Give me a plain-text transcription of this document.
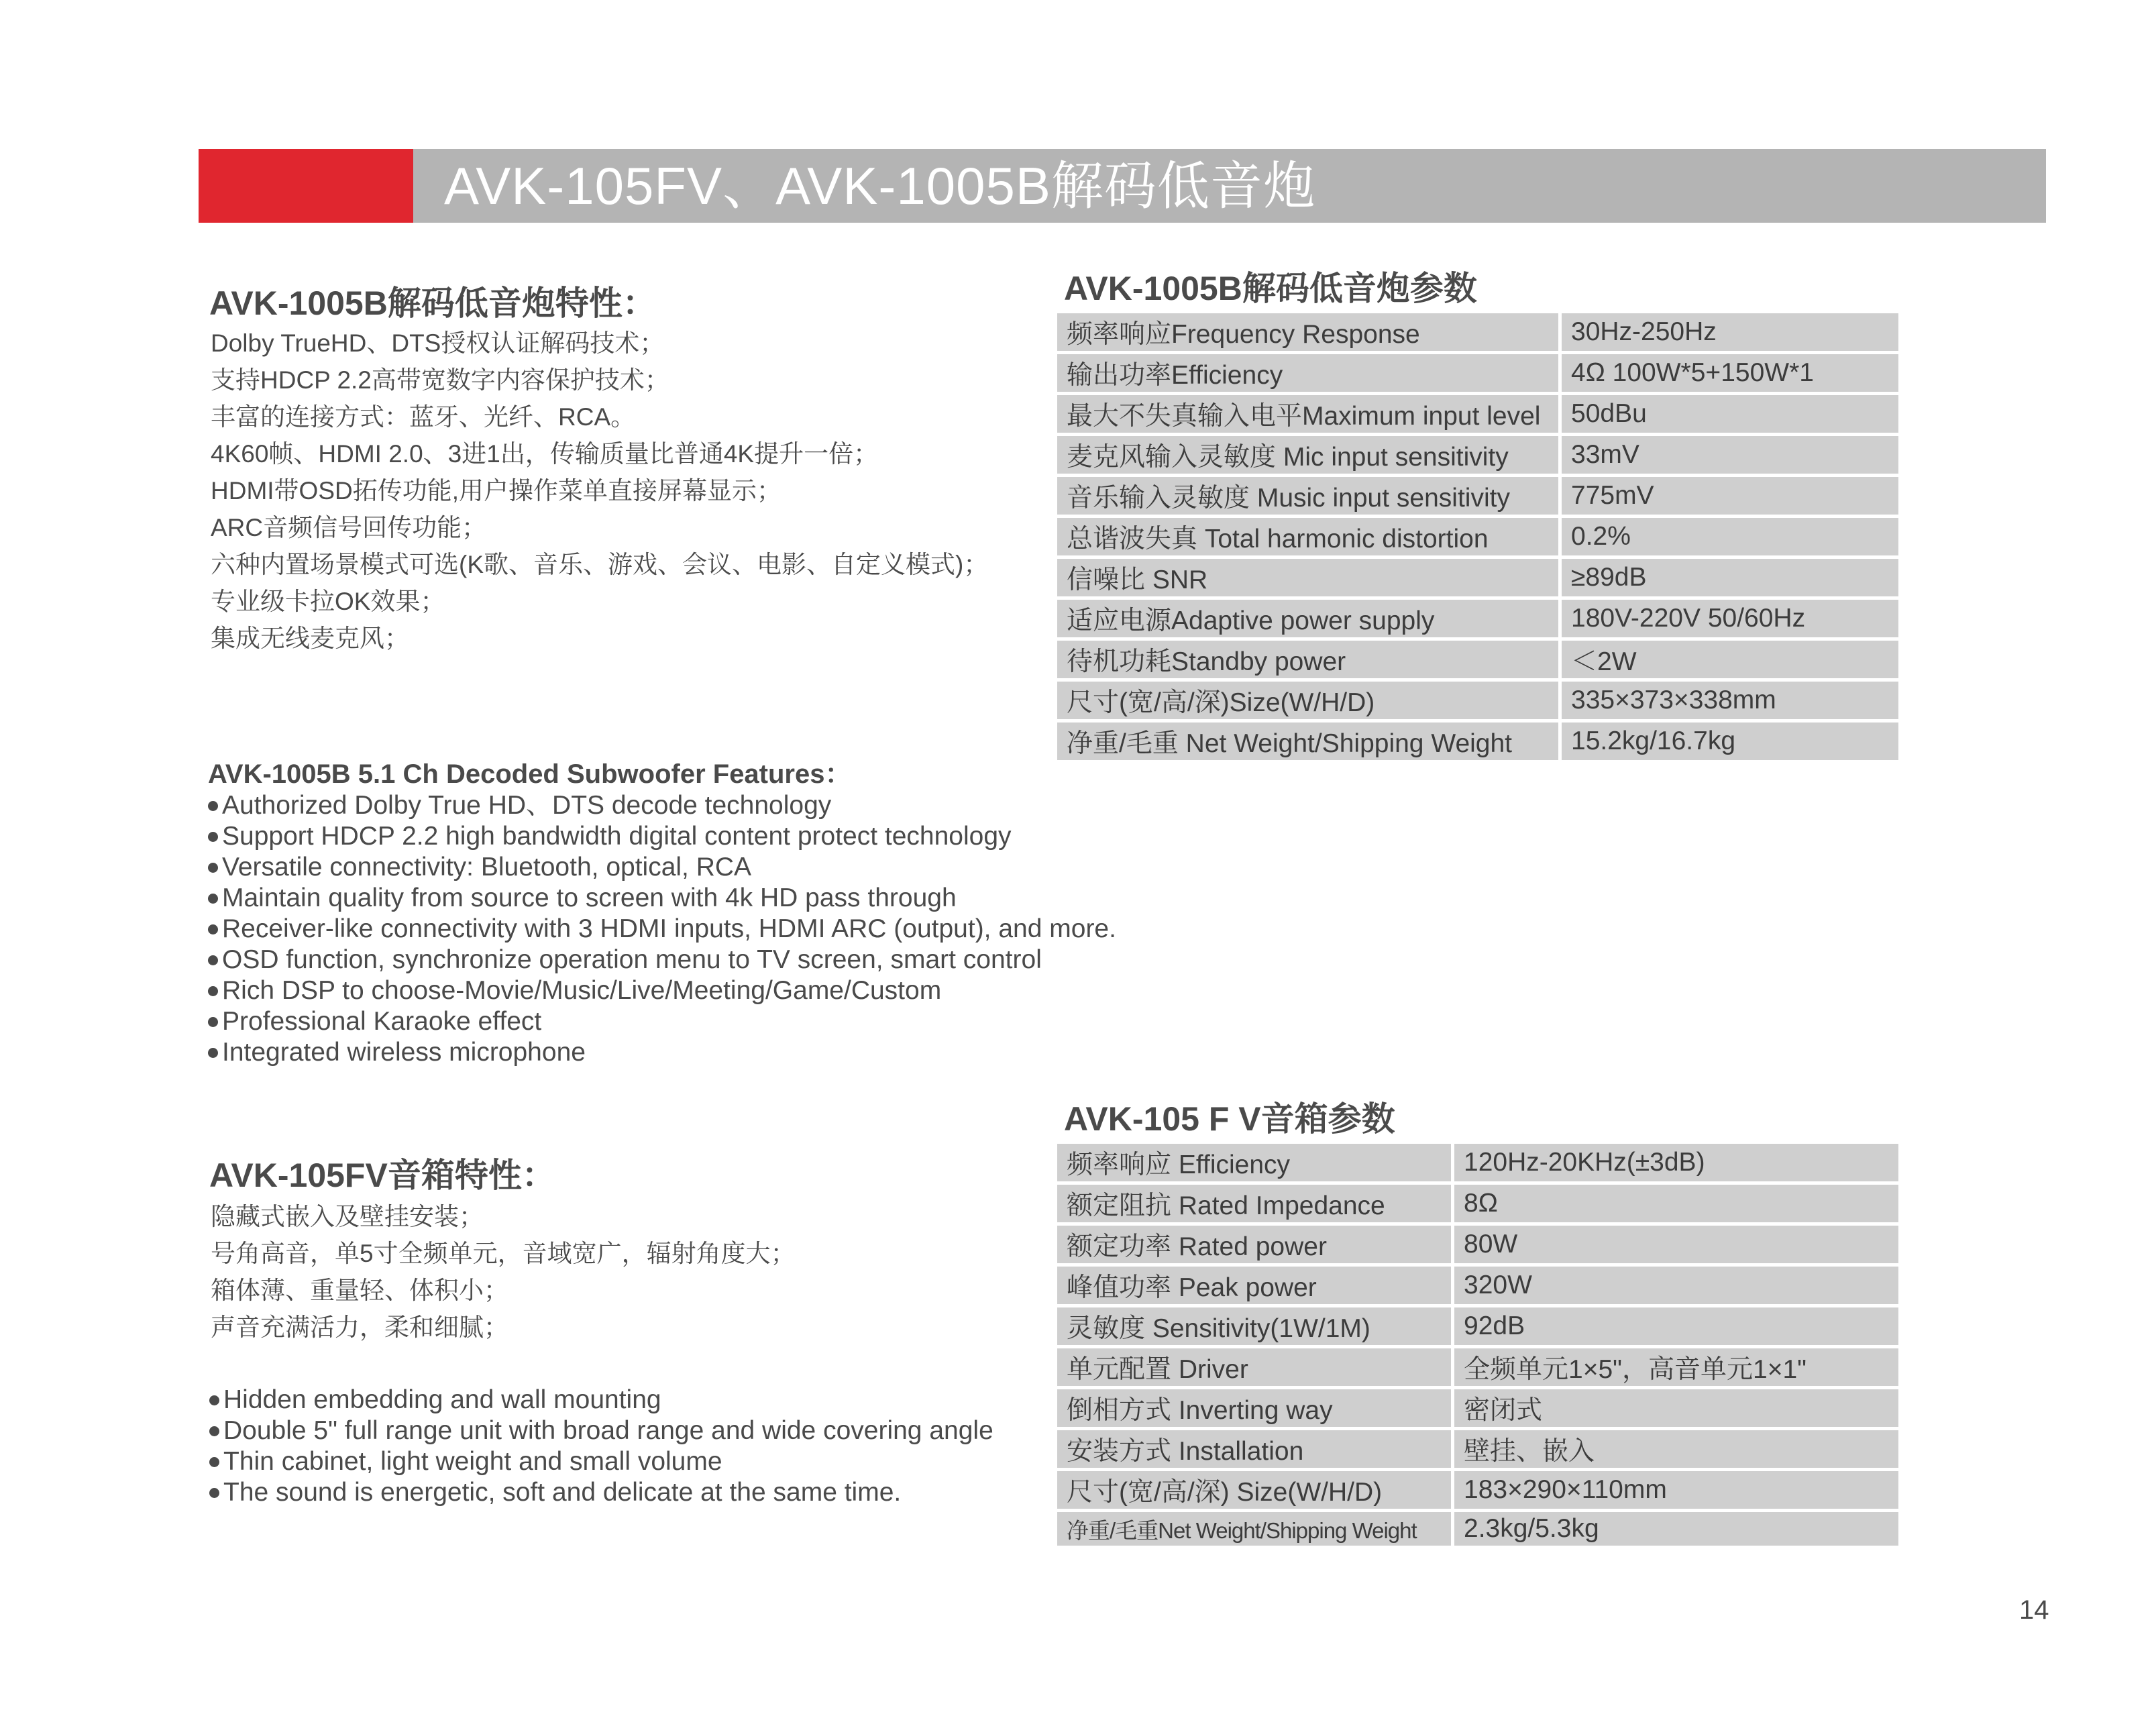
AVK-105FV、AVK-1005B解码低音炮
AVK-1005B解码低音炮特性：
Dolby TrueHD、DTS授权认证解码技术；
支持HDCP 2.2高带宽数字内容保护技术；
丰富的连接方式：蓝牙、光纤、RCA。
4K60帧、HDMI 2.0、3进1出，传输质量比普通4K提升一倍；
HDMI带OSD拓传功能,用户操作菜单直接屏幕显示；
ARC音频信号回传功能；
六种内置场景模式可选(K歌、音乐、游戏、会议、电影、自定义模式)；
专业级卡拉OK效果；
集成无线麦克风；
AVK-1005B 5.1 Ch Decoded Subwoofer Features：
Authorized Dolby True HD、DTS decode technology
Support HDCP 2.2 high bandwidth digital content protect technology
Versatile connectivity: Bluetooth, optical, RCA
Maintain quality from source to screen with 4k HD pass through
Receiver-like connectivity with 3 HDMI inputs, HDMI ARC (output), and more.
OSD function, synchronize operation menu to TV screen, smart control
Rich DSP to choose-Movie/Music/Live/Meeting/Game/Custom
Professional Karaoke effect
Integrated wireless microphone
AVK-105FV音箱特性：
隐藏式嵌入及壁挂安装；
号角高音，单5寸全频单元，音域宽广，辐射角度大；
箱体薄、重量轻、体积小；
声音充满活力，柔和细腻；
Hidden embedding and wall mounting
Double 5" full range unit with broad range and wide covering angle
Thin cabinet, light weight and small volume
The sound is energetic, soft and delicate at the same time.
AVK-1005B解码低音炮参数
频率响应Frequency Response	30Hz-250Hz
输出功率Efficiency	4Ω 100W*5+150W*1
最大不失真输入电平Maximum input level	50dBu
麦克风输入灵敏度 Mic input sensitivity	33mV
音乐输入灵敏度 Music input sensitivity	775mV
总谐波失真 Total harmonic distortion	0.2%
信噪比 SNR	≥89dB
适应电源Adaptive power supply	180V-220V 50/60Hz
待机功耗Standby power	＜2W
尺寸(宽/高/深)Size(W/H/D)	335×373×338mm
净重/毛重 Net Weight/Shipping Weight	15.2kg/16.7kg
AVK-105 F V音箱参数
频率响应 Efficiency	120Hz-20KHz(±3dB)
额定阻抗 Rated Impedance	8Ω
额定功率 Rated power	80W
峰值功率 Peak power	320W
灵敏度 Sensitivity(1W/1M)	92dB
单元配置 Driver	全频单元1×5"，高音单元1×1"
倒相方式 Inverting way	密闭式
安装方式 Installation	壁挂、嵌入
尺寸(宽/高/深) Size(W/H/D)	183×290×110mm
净重/毛重Net Weight/Shipping Weight	2.3kg/5.3kg
14
